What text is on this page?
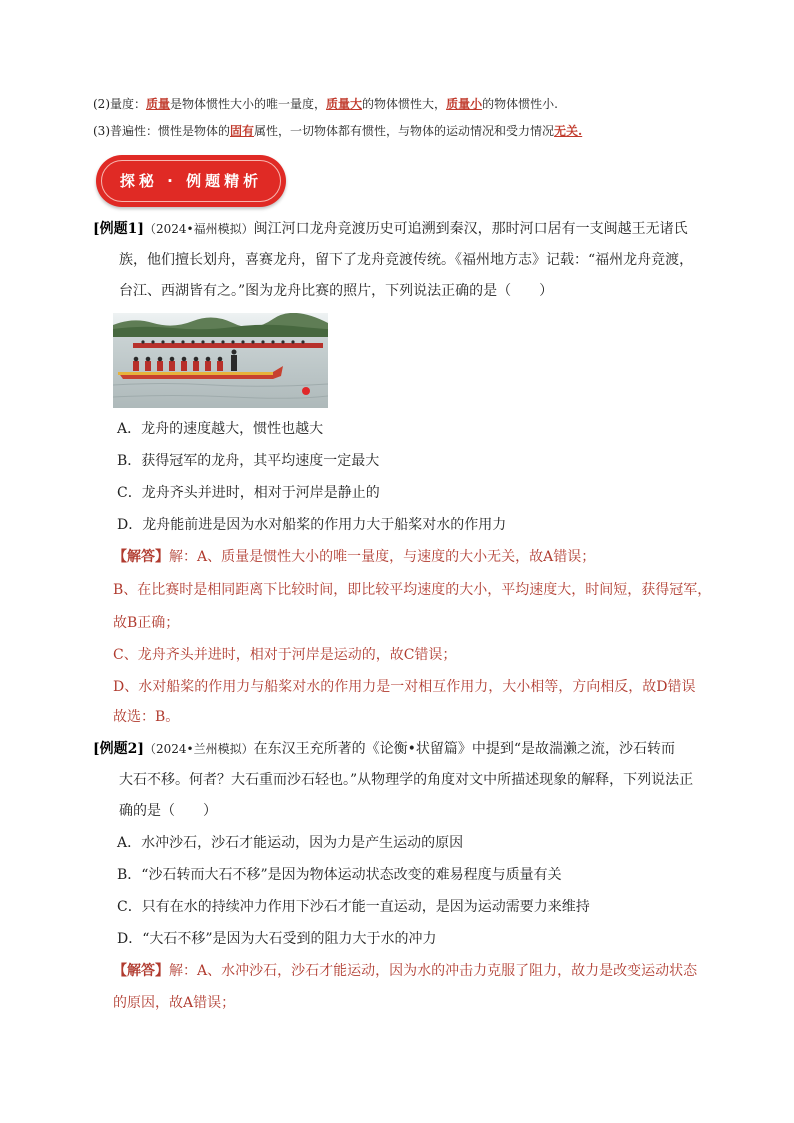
(2)量度：质量是物体惯性大小的唯一量度，质量大的物体惯性大，质量小的物体惯性小.
(3)普遍性：惯性是物体的固有属性，一切物体都有惯性，与物体的运动情况和受力情况无关.
探秘 · 例题精析
[例题1]（2024•福州模拟）闽江河口龙舟竞渡历史可追溯到秦汉，那时河口居有一支闽越王无诸氏
族，他们擅长划舟，喜赛龙舟，留下了龙舟竞渡传统。《福州地方志》记载：“福州龙舟竞渡，
台江、西湖皆有之。”图为龙舟比赛的照片，下列说法正确的是（　　）
A．龙舟的速度越大，惯性也越大
B．获得冠军的龙舟，其平均速度一定最大
C．龙舟齐头并进时，相对于河岸是静止的
D．龙舟能前进是因为水对船桨的作用力大于船桨对水的作用力
【解答】解：A、质量是惯性大小的唯一量度，与速度的大小无关，故A错误；
B、在比赛时是相同距离下比较时间，即比较平均速度的大小，平均速度大，时间短，获得冠军，
故B正确；
C、龙舟齐头并进时，相对于河岸是运动的，故C错误；
D、水对船桨的作用力与船桨对水的作用力是一对相互作用力，大小相等，方向相反，故D错误
故选：B。
[例题2]（2024•兰州模拟）在东汉王充所著的《论衡•状留篇》中提到“是故湍濑之流，沙石转而
大石不移。何者？大石重而沙石轻也。”从物理学的角度对文中所描述现象的解释，下列说法正
确的是（　　）
A．水冲沙石，沙石才能运动，因为力是产生运动的原因
B．“沙石转而大石不移”是因为物体运动状态改变的难易程度与质量有关
C．只有在水的持续冲力作用下沙石才能一直运动，是因为运动需要力来维持
D．“大石不移”是因为大石受到的阻力大于水的冲力
【解答】解：A、水冲沙石，沙石才能运动，因为水的冲击力克服了阻力，故力是改变运动状态
的原因，故A错误；
